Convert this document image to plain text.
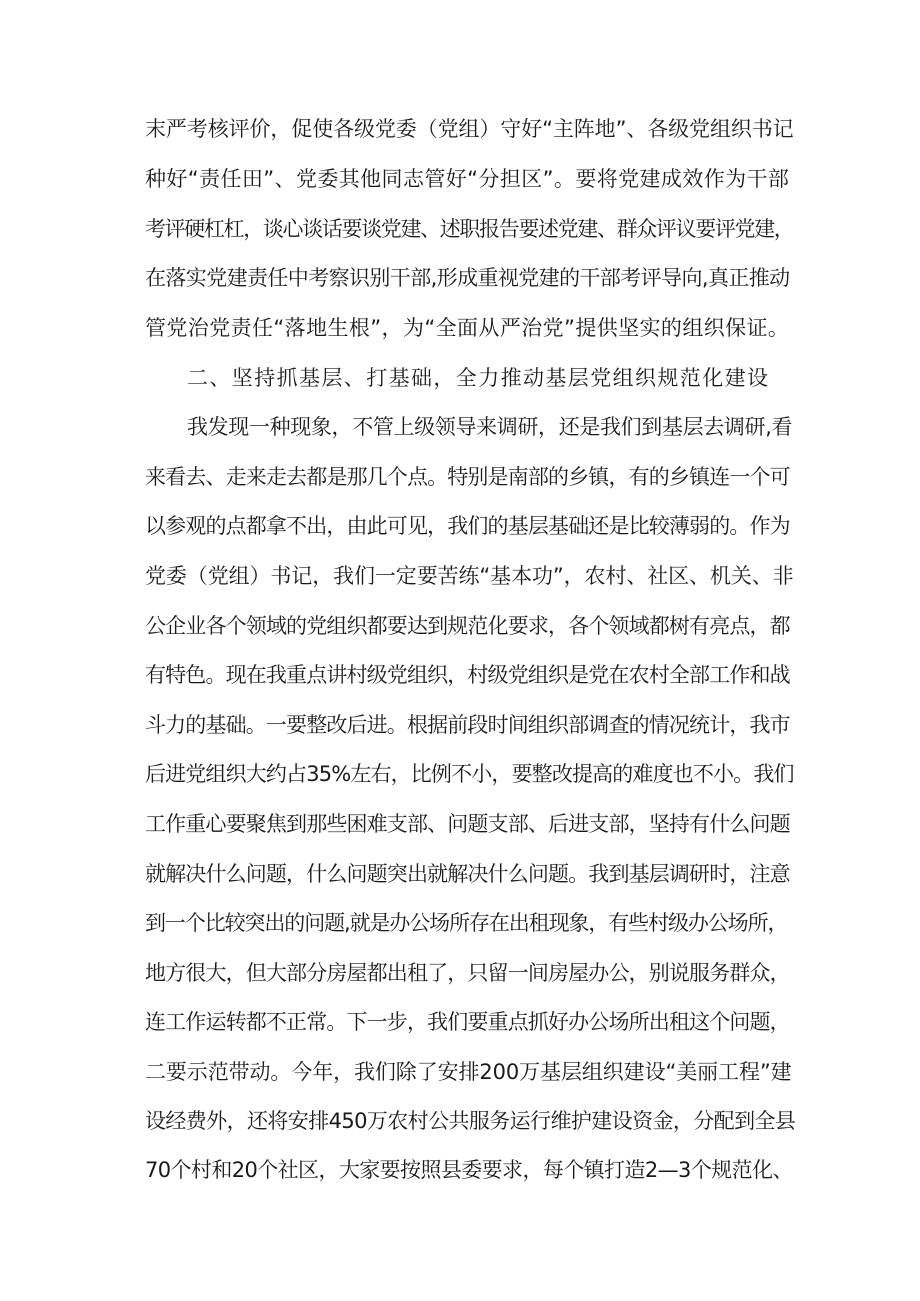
末严考核评价，促使各级党委（党组）守好“主阵地”、各级党组织书记
种好“责任田”、党委其他同志管好“分担区”。要将党建成效作为干部
考评硬杠杠，谈心谈话要谈党建、述职报告要述党建、群众评议要评党建，
在落实党建责任中考察识别干部,形成重视党建的干部考评导向,真正推动
管党治党责任“落地生根”，为“全面从严治党”提供坚实的组织保证。
二、坚持抓基层、打基础，全力推动基层党组织规范化建设
我发现一种现象，不管上级领导来调研，还是我们到基层去调研,看
来看去、走来走去都是那几个点。特别是南部的乡镇，有的乡镇连一个可
以参观的点都拿不出，由此可见，我们的基层基础还是比较薄弱的。作为
党委（党组）书记，我们一定要苦练“基本功”，农村、社区、机关、非
公企业各个领域的党组织都要达到规范化要求，各个领域都树有亮点，都
有特色。现在我重点讲村级党组织，村级党组织是党在农村全部工作和战
斗力的基础。一要整改后进。根据前段时间组织部调查的情况统计，我市
后进党组织大约占35%左右，比例不小，要整改提高的难度也不小。我们
工作重心要聚焦到那些困难支部、问题支部、后进支部，坚持有什么问题
就解决什么问题，什么问题突出就解决什么问题。我到基层调研时，注意
到一个比较突出的问题,就是办公场所存在出租现象，有些村级办公场所，
地方很大，但大部分房屋都出租了，只留一间房屋办公，别说服务群众，
连工作运转都不正常。下一步，我们要重点抓好办公场所出租这个问题，
二要示范带动。今年，我们除了安排200万基层组织建设“美丽工程”建
设经费外，还将安排450万农村公共服务运行维护建设资金，分配到全县
70个村和20个社区，大家要按照县委要求，每个镇打造2—3个规范化、
